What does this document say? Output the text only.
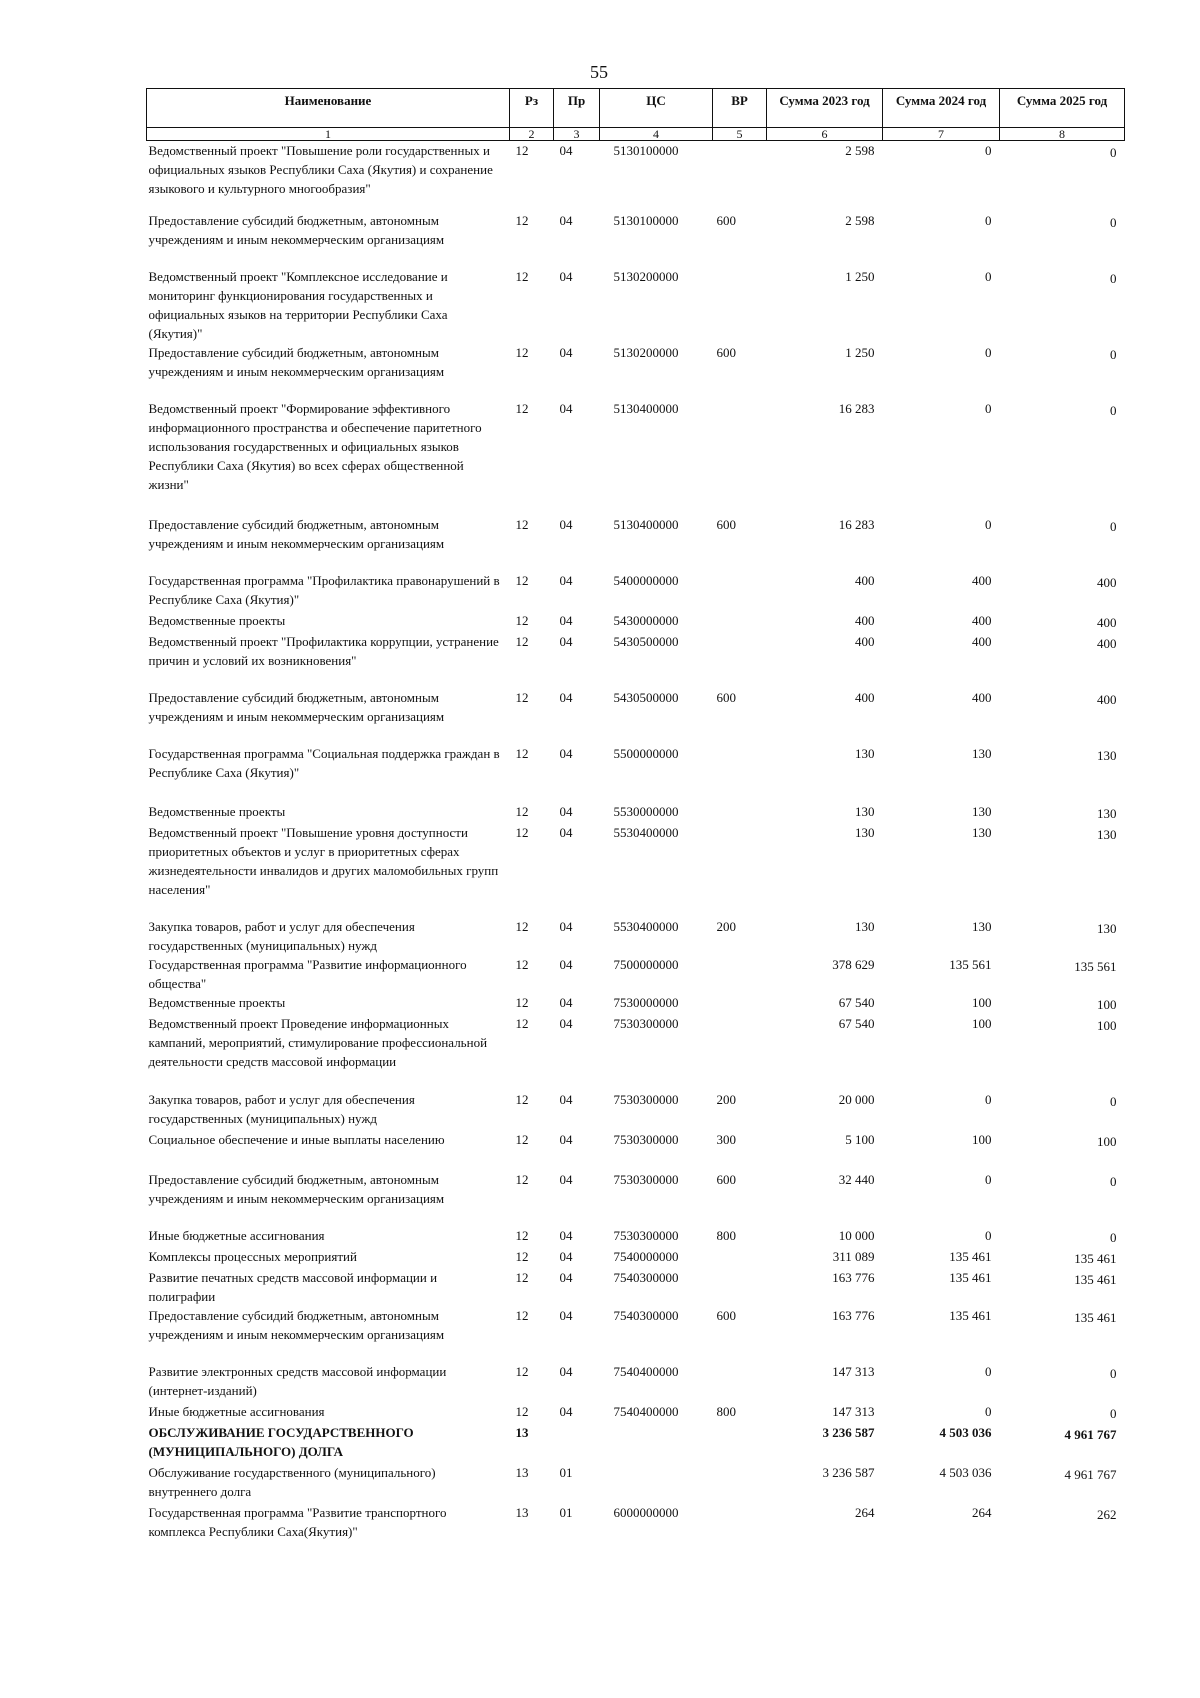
55
Наименование	Рз	Пр	ЦС	ВР	Сумма 2023 год	Сумма 2024 год	Сумма 2025 год
1	2	3	4	5	6	7	8
Ведомственный проект "Повышение роли государственных и официальных языков Республики Саха (Якутия) и сохранение языкового и культурного многообразия"	12	04	5130100000		2 598	0	0
Предоставление субсидий бюджетным, автономным учреждениям и иным некоммерческим организациям	12	04	5130100000	600	2 598	0	0
Ведомственный проект "Комплексное исследование и мониторинг функционирования государственных и официальных языков на территории Республики Саха (Якутия)"	12	04	5130200000		1 250	0	0
Предоставление субсидий бюджетным, автономным учреждениям и иным некоммерческим организациям	12	04	5130200000	600	1 250	0	0
Ведомственный проект "Формирование эффективного информационного пространства и обеспечение паритетного использования государственных и официальных языков Республики Саха (Якутия) во всех сферах общественной жизни"	12	04	5130400000		16 283	0	0
Предоставление субсидий бюджетным, автономным учреждениям и иным некоммерческим организациям	12	04	5130400000	600	16 283	0	0
Государственная программа "Профилактика правонарушений в Республике Саха (Якутия)"	12	04	5400000000		400	400	400
Ведомственные проекты	12	04	5430000000		400	400	400
Ведомственный проект "Профилактика коррупции, устранение причин и условий их возникновения"	12	04	5430500000		400	400	400
Предоставление субсидий бюджетным, автономным учреждениям и иным некоммерческим организациям	12	04	5430500000	600	400	400	400
Государственная программа "Социальная поддержка граждан в Республике Саха (Якутия)"	12	04	5500000000		130	130	130
Ведомственные проекты	12	04	5530000000		130	130	130
Ведомственный проект "Повышение уровня доступности приоритетных объектов и услуг в приоритетных сферах жизнедеятельности инвалидов и других маломобильных групп населения"	12	04	5530400000		130	130	130
Закупка товаров, работ и услуг для обеспечения государственных (муниципальных) нужд	12	04	5530400000	200	130	130	130
Государственная программа "Развитие информационного общества"	12	04	7500000000		378 629	135 561	135 561
Ведомственные проекты	12	04	7530000000		67 540	100	100
Ведомственный проект Проведение информационных кампаний, мероприятий, стимулирование профессиональной деятельности средств массовой информации	12	04	7530300000		67 540	100	100
Закупка товаров, работ и услуг для обеспечения государственных (муниципальных) нужд	12	04	7530300000	200	20 000	0	0
Социальное обеспечение и иные выплаты населению	12	04	7530300000	300	5 100	100	100
Предоставление субсидий бюджетным, автономным учреждениям и иным некоммерческим организациям	12	04	7530300000	600	32 440	0	0
Иные бюджетные ассигнования	12	04	7530300000	800	10 000	0	0
Комплексы процессных мероприятий	12	04	7540000000		311 089	135 461	135 461
Развитие печатных средств массовой информации и полиграфии	12	04	7540300000		163 776	135 461	135 461
Предоставление субсидий бюджетным, автономным учреждениям и иным некоммерческим организациям	12	04	7540300000	600	163 776	135 461	135 461
Развитие электронных средств массовой информации (интернет-изданий)	12	04	7540400000		147 313	0	0
Иные бюджетные ассигнования	12	04	7540400000	800	147 313	0	0
ОБСЛУЖИВАНИЕ ГОСУДАРСТВЕННОГО (МУНИЦИПАЛЬНОГО) ДОЛГА	13				3 236 587	4 503 036	4 961 767
Обслуживание государственного (муниципального) внутреннего долга	13	01			3 236 587	4 503 036	4 961 767
Государственная программа "Развитие транспортного комплекса Республики Саха(Якутия)"	13	01	6000000000		264	264	262
